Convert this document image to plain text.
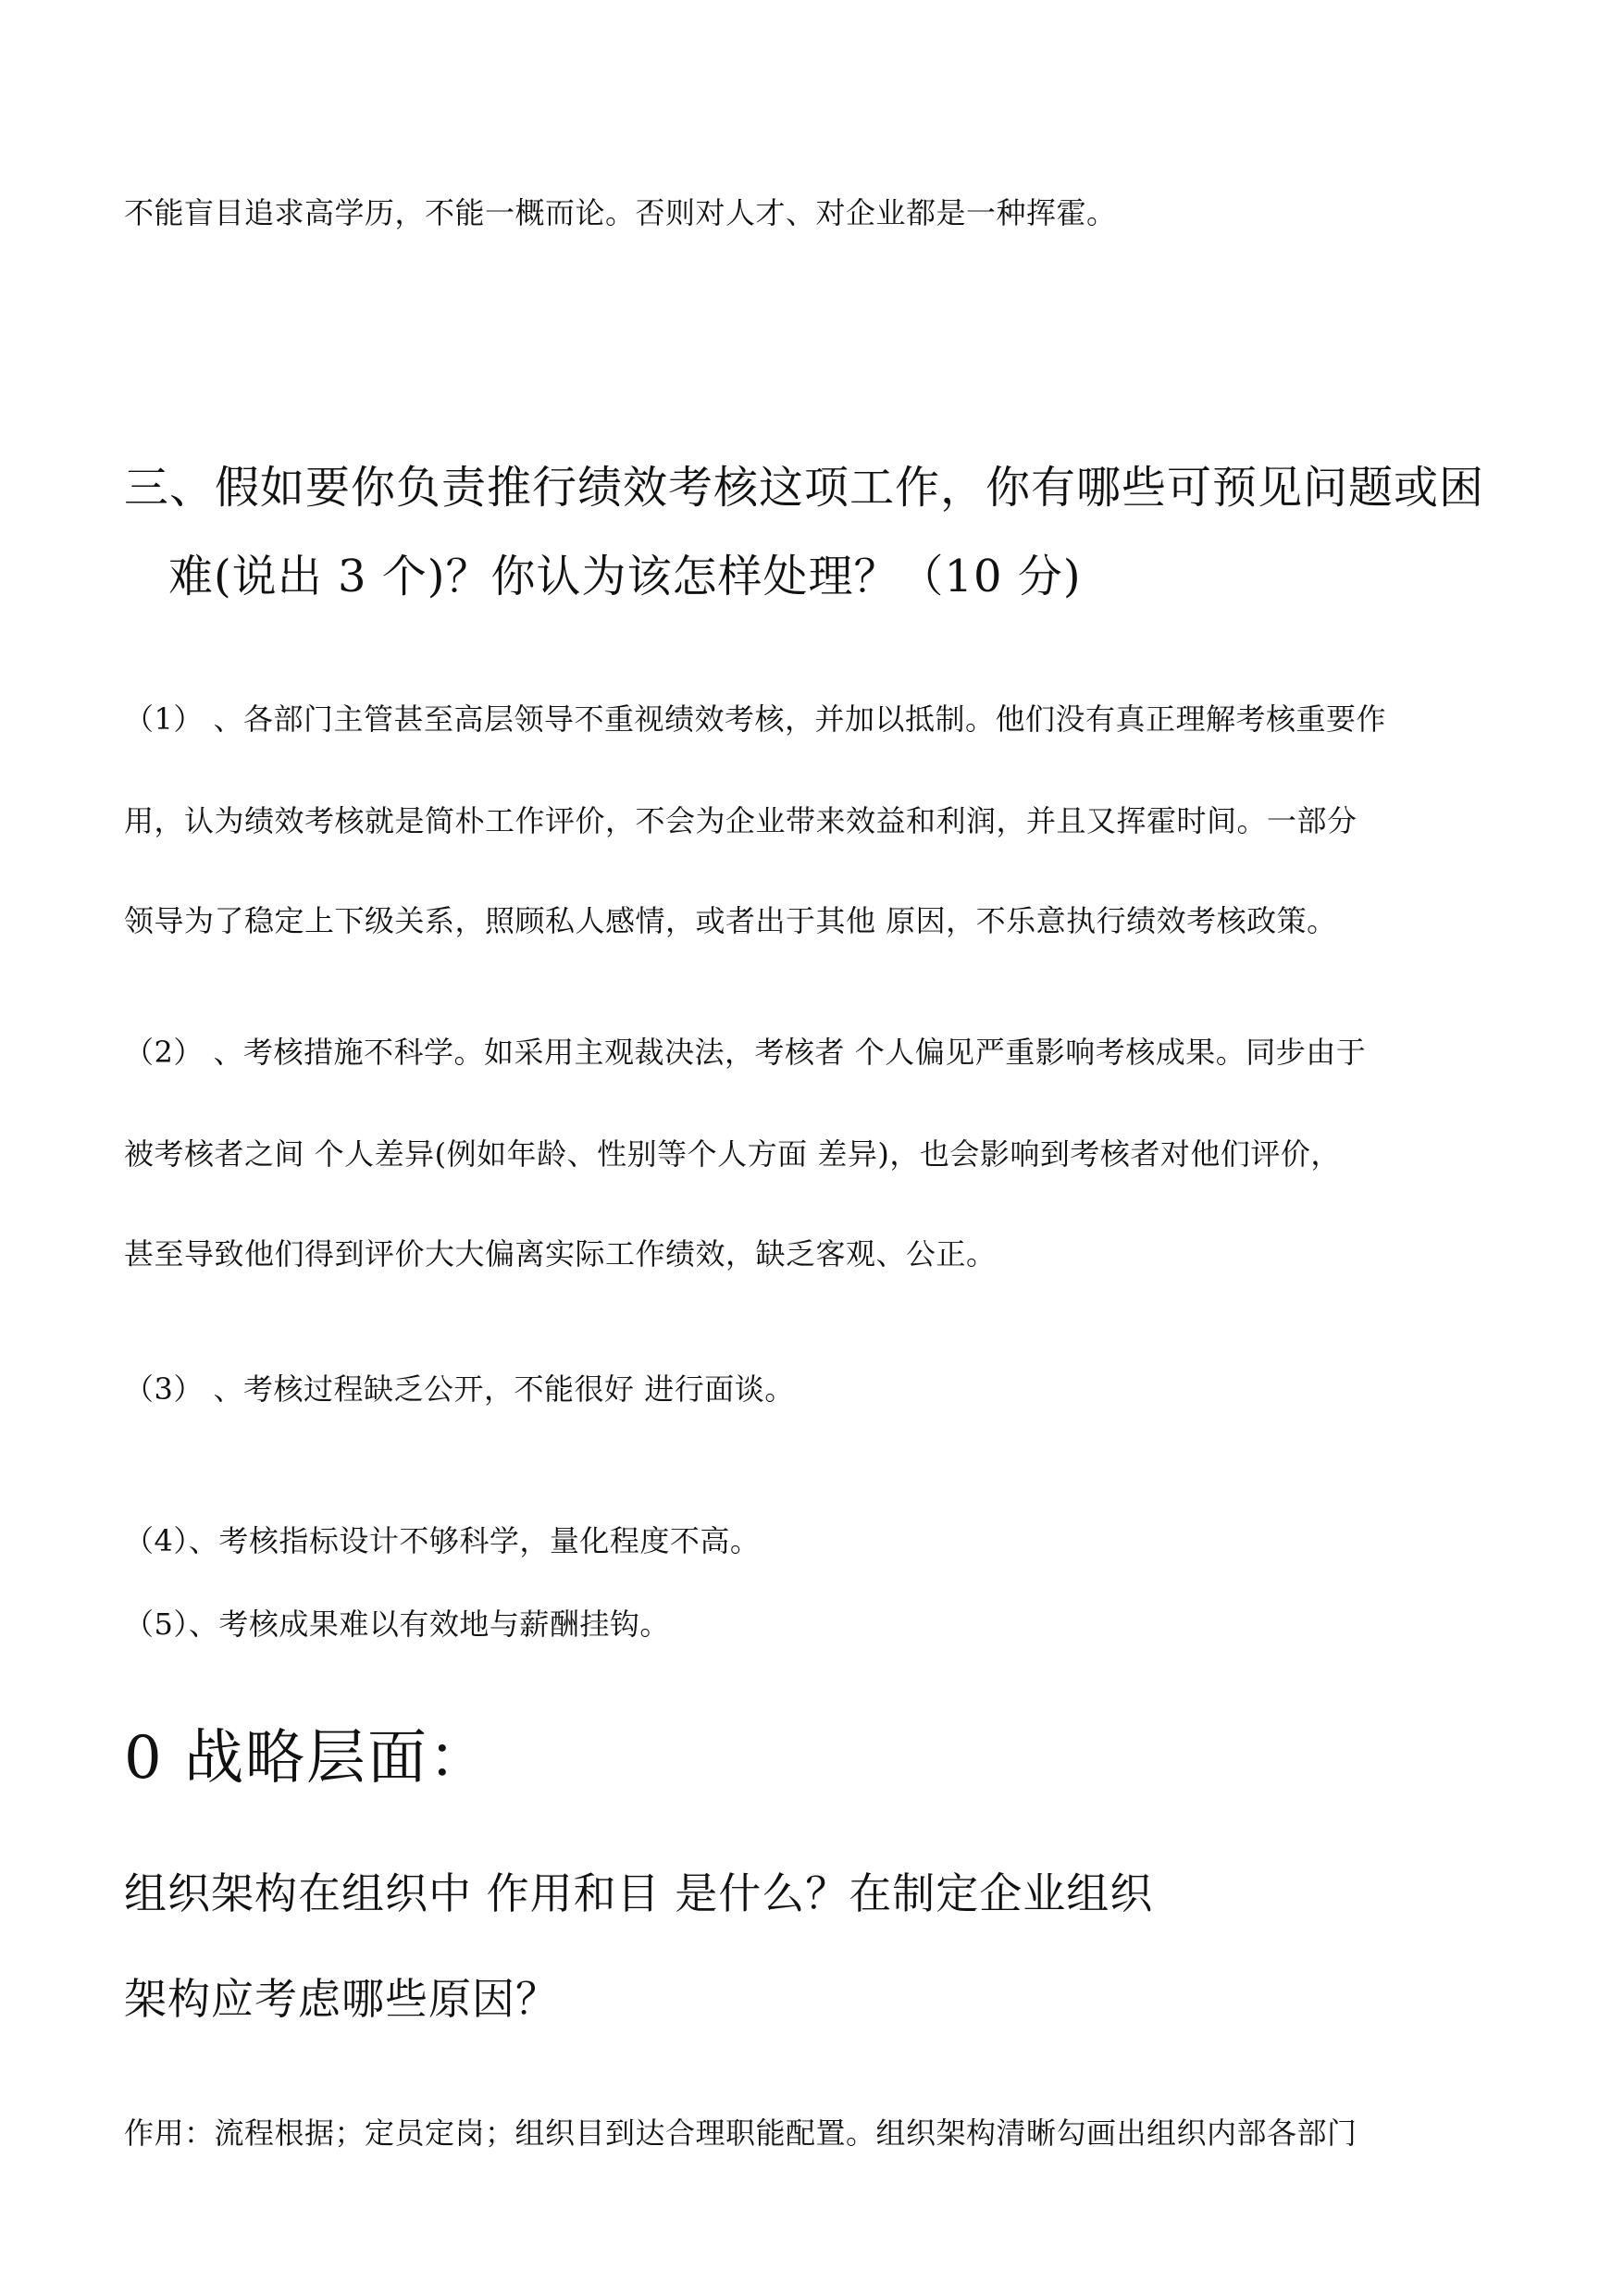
不能盲目追求高学历，不能一概而论。否则对人才、对企业都是一种挥霍。

三、假如要你负责推行绩效考核这项工作，你有哪些可预见问题或困
难(说出 3 个)？你认为该怎样处理？（10 分)

（1） 、各部门主管甚至高层领导不重视绩效考核，并加以抵制。他们没有真正理解考核重要作

用，认为绩效考核就是简朴工作评价，不会为企业带来效益和利润，并且又挥霍时间。一部分

领导为了稳定上下级关系，照顾私人感情，或者出于其他 原因，不乐意执行绩效考核政策。

（2） 、考核措施不科学。如采用主观裁决法，考核者 个人偏见严重影响考核成果。同步由于

被考核者之间 个人差异(例如年龄、性别等个人方面 差异)，也会影响到考核者对他们评价，

甚至导致他们得到评价大大偏离实际工作绩效，缺乏客观、公正。

（3） 、考核过程缺乏公开，不能很好 进行面谈。

（4）、考核指标设计不够科学，量化程度不高。

（5）、考核成果难以有效地与薪酬挂钩。

0 战略层面：
组织架构在组织中 作用和目 是什么？在制定企业组织
架构应考虑哪些原因？

作用：流程根据；定员定岗；组织目到达合理职能配置。组织架构清晰勾画出组织内部各部门
